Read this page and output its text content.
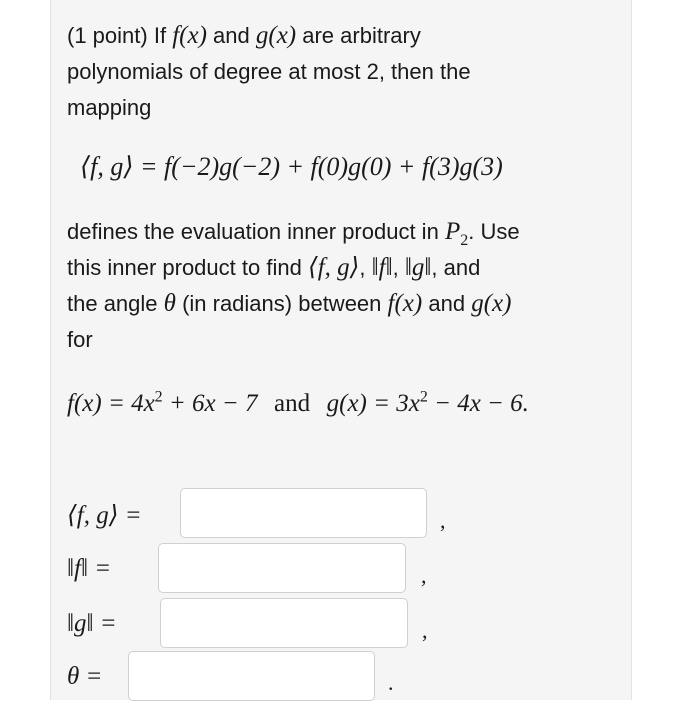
(1 point) If f(x) and g(x) are arbitrary
polynomials of degree at most 2, then the
mapping
⟨f, g⟩ = f(−2)g(−2) + f(0)g(0) + f(3)g(3)
defines the evaluation inner product in $P_2$. Use
this inner product to find ⟨f, g⟩, ‖f‖, ‖g‖, and
the angle θ (in radians) between f(x) and g(x)
for
$f(x) = 4x^2 + 6x - 7$ and $g(x) = 3x^2 - 4x - 6$.
⟨f, g⟩ =	,
‖f‖ =	,
‖g‖ =	,
θ =	.
